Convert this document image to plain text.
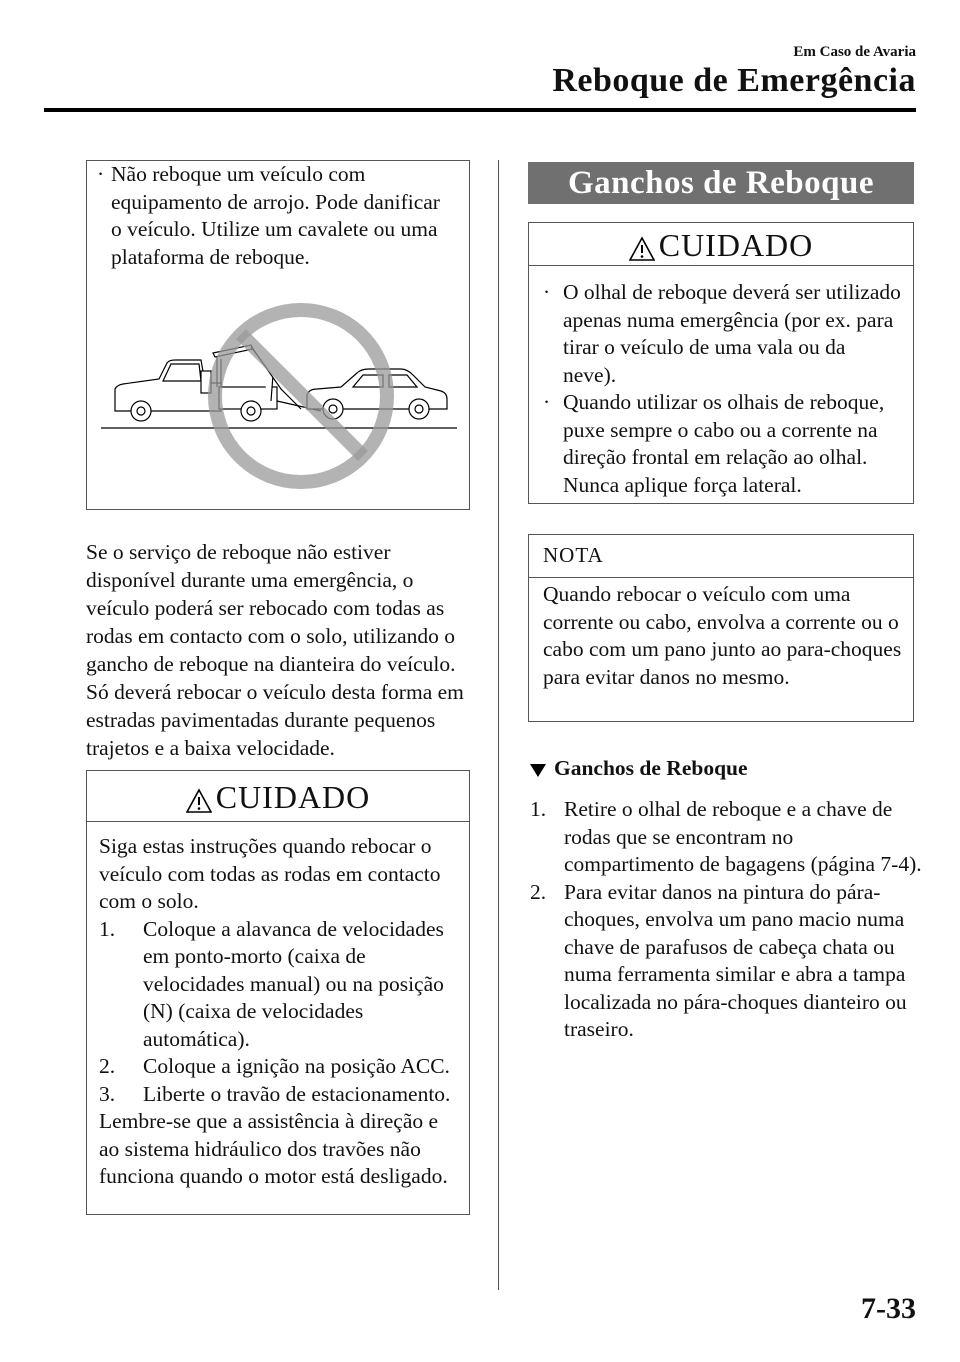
Em Caso de Avaria
Reboque de Emergência
· Não reboque um veículo com equipamento de arrojo. Pode danificar o veículo. Utilize um cavalete ou uma plataforma de reboque.
Se o serviço de reboque não estiver disponível durante uma emergência, o veículo poderá ser rebocado com todas as rodas em contacto com o solo, utilizando o gancho de reboque na dianteira do veículo. Só deverá rebocar o veículo desta forma em estradas pavimentadas durante pequenos trajetos e a baixa velocidade.
CUIDADO
Siga estas instruções quando rebocar o veículo com todas as rodas em contacto com o solo.
1. Coloque a alavanca de velocidades em ponto-morto (caixa de velocidades manual) ou na posição (N) (caixa de velocidades automática).
2. Coloque a ignição na posição ACC.
3. Liberte o travão de estacionamento.
Lembre-se que a assistência à direção e ao sistema hidráulico dos travões não funciona quando o motor está desligado.
Ganchos de Reboque
CUIDADO
· O olhal de reboque deverá ser utilizado apenas numa emergência (por ex. para tirar o veículo de uma vala ou da neve).
· Quando utilizar os olhais de reboque, puxe sempre o cabo ou a corrente na direção frontal em relação ao olhal. Nunca aplique força lateral.
NOTA
Quando rebocar o veículo com uma corrente ou cabo, envolva a corrente ou o cabo com um pano junto ao para-choques para evitar danos no mesmo.
Ganchos de Reboque
1. Retire o olhal de reboque e a chave de rodas que se encontram no compartimento de bagagens (página 7-4).
2. Para evitar danos na pintura do pára-choques, envolva um pano macio numa chave de parafusos de cabeça chata ou numa ferramenta similar e abra a tampa localizada no pára-choques dianteiro ou traseiro.
7-33
